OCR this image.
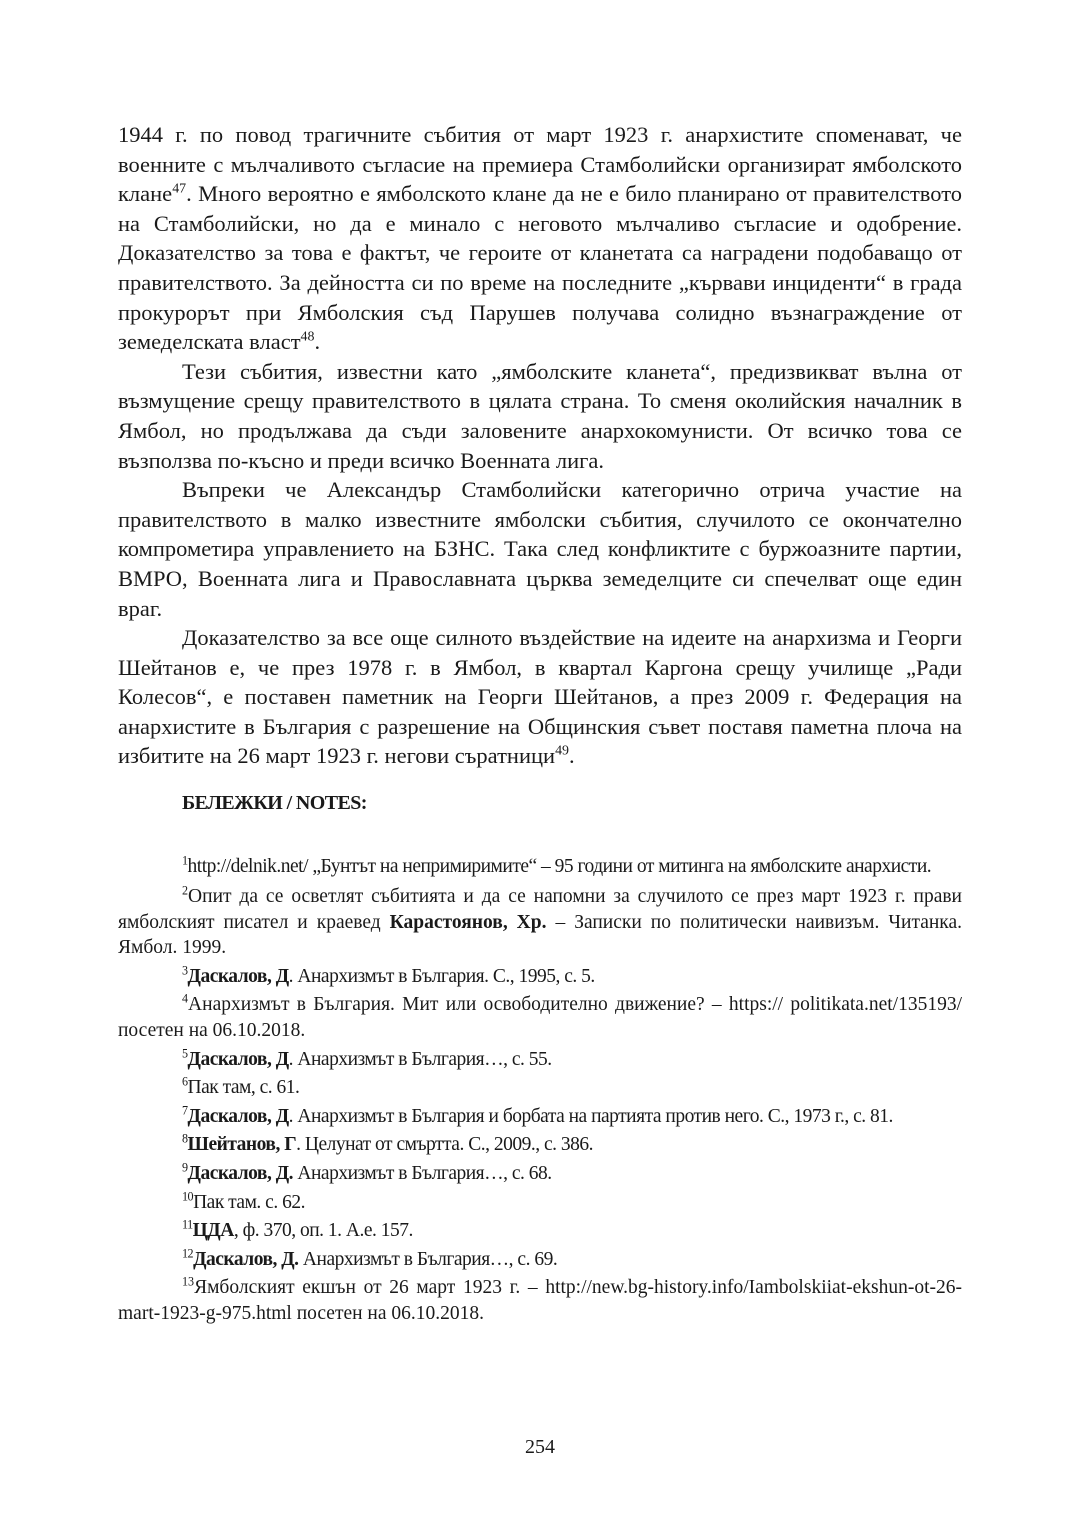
1944 г. по повод трагичните събития от март 1923 г. анархистите споменават, че военните с мълчаливото съгласие на премиера Стамболийски организират ямболското клане$^{47}$. Много вероятно е ямболското клане да не е било планирано от правителството на Стамболийски, но да е минало с неговото мълчаливо съгласие и одобрение. Доказателство за това е фактът, че героите от кланетата са наградени подобаващо от правителството. За дейността си по време на последните „кървави инциденти“ в града прокурорът при Ямболския съд Парушев получава солидно възнаграждение от земеделската власт$^{48}$.

Тези събития, известни като „ямболските кланета“, предизвикват вълна от възмущение срещу правителството в цялата страна. То сменя околийския началник в Ямбол, но продължава да съди заловените анархокомунисти. От всичко това се възползва по-късно и преди всичко Военната лига.

Въпреки че Александър Стамболийски категорично отрича участие на правителството в малко известните ямболски събития, случилото се окончателно компрометира управлението на БЗНС. Така след конфликтите с буржоазните партии, ВМРО, Военната лига и Православната църква земеделците си спечелват още един враг.

Доказателство за все още силното въздействие на идеите на анархизма и Георги Шейтанов е, че през 1978 г. в Ямбол, в квартал Каргона срещу училище „Ради Колесов“, е поставен паметник на Георги Шейтанов, а през 2009 г. Федерация на анархистите в България с разрешение на Общинския съвет поставя паметна плоча на избитите на 26 март 1923 г. негови съратници$^{49}$.

БЕЛЕЖКИ / NOTES:

$^1$http://delnik.net/ „Бунтът на непримиримите“ – 95 години от митинга на ямболските анархисти.

$^2$Опит да се осветлят събитията и да се напомни за случилото се през март 1923 г. прави ямболският писател и краевед Карастоянов, Хр. – Записки по политически наивизъм. Читанка. Ямбол. 1999.

$^3$Даскалов, Д. Анархизмът в България. С., 1995, с. 5.

$^4$Анархизмът в България. Мит или освободително движение? – https:// politikata.net/135193/ посетен на 06.10.2018.

$^5$Даскалов, Д. Анархизмът в България…, с. 55.

$^6$Пак там, с. 61.

$^7$Даскалов, Д. Анархизмът в България и борбата на партията против него. С., 1973 г., с. 81.

$^8$Шейтанов, Г. Целунат от смъртта. С., 2009., с. 386.

$^9$Даскалов, Д. Анархизмът в България…, с. 68.

$^{10}$Пак там. с. 62.

$^{11}$ЦДА, ф. 370, оп. 1. А.е. 157.

$^{12}$Даскалов, Д. Анархизмът в България…, с. 69.

$^{13}$Ямболският екшън от 26 март 1923 г. – http://new.bg-history.info/Iambolskiiat-ekshun-ot-26-mart-1923-g-975.html посетен на 06.10.2018.

254
